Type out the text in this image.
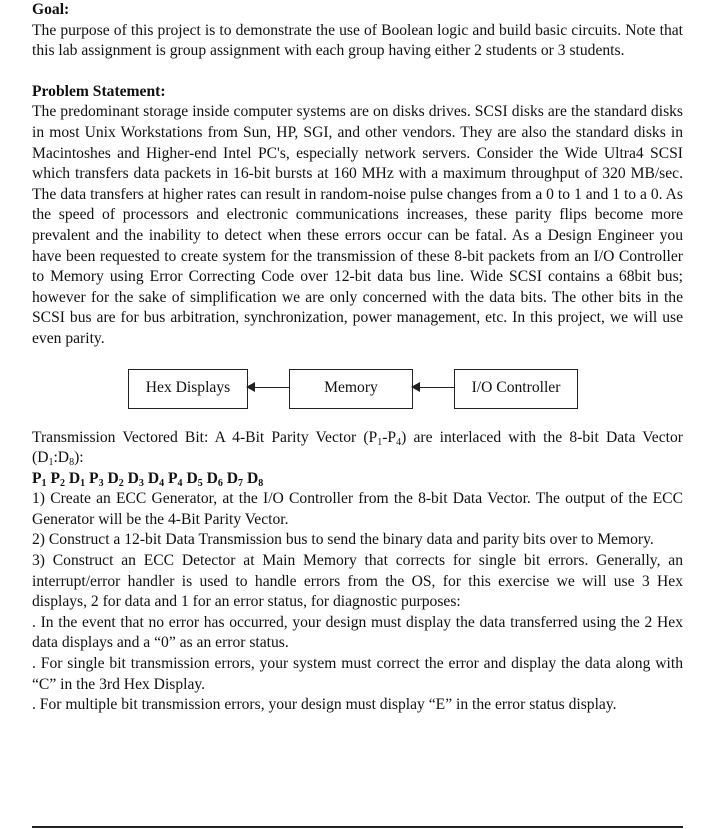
Goal:

The purpose of this project is to demonstrate the use of Boolean logic and build basic circuits. Note that this lab assignment is group assignment with each group having either 2 students or 3 students.

Problem Statement:

The predominant storage inside computer systems are on disks drives. SCSI disks are the standard disks in most Unix Workstations from Sun, HP, SGI, and other vendors. They are also the standard disks in Macintoshes and Higher-end Intel PC's, especially network servers. Consider the Wide Ultra4 SCSI which transfers data packets in 16-bit bursts at 160 MHz with a maximum throughput of 320 MB/sec. The data transfers at higher rates can result in random-noise pulse changes from a 0 to 1 and 1 to a 0. As the speed of processors and electronic communications increases, these parity flips become more prevalent and the inability to detect when these errors occur can be fatal. As a Design Engineer you have been requested to create system for the transmission of these 8-bit packets from an I/O Controller to Memory using Error Correcting Code over 12-bit data bus line. Wide SCSI contains a 68bit bus; however for the sake of simplification we are only concerned with the data bits. The other bits in the SCSI bus are for bus arbitration, synchronization, power management, etc. In this project, we will use even parity.

Hex Displays	Memory	I/O Controller

Transmission Vectored Bit: A 4-Bit Parity Vector $(P_1-P_4)$ are interlaced with the 8-bit Data Vector $(D_1:D_8)$:

$P_1$ $P_2$ $D_1$ $P_3$ $D_2$ $D_3$ $D_4$ $P_4$ $D_5$ $D_6$ $D_7$ $D_8$

1) Create an ECC Generator, at the I/O Controller from the 8-bit Data Vector. The output of the ECC Generator will be the 4-Bit Parity Vector.

2) Construct a 12-bit Data Transmission bus to send the binary data and parity bits over to Memory.

3) Construct an ECC Detector at Main Memory that corrects for single bit errors. Generally, an interrupt/error handler is used to handle errors from the OS, for this exercise we will use 3 Hex displays, 2 for data and 1 for an error status, for diagnostic purposes:

. In the event that no error has occurred, your design must display the data transferred using the 2 Hex data displays and a “0” as an error status.

. For single bit transmission errors, your system must correct the error and display the data along with “C” in the 3rd Hex Display.

. For multiple bit transmission errors, your design must display “E” in the error status display.
